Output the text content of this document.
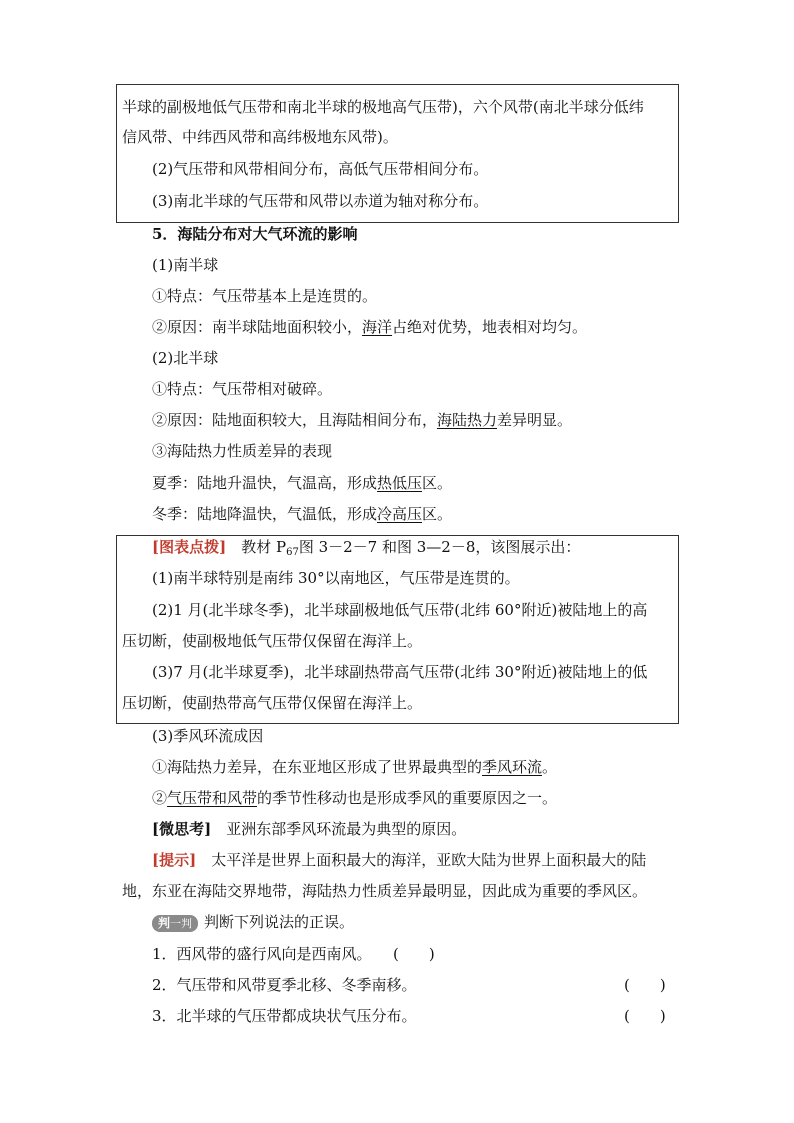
半球的副极地低气压带和南北半球的极地高气压带)，六个风带(南北半球分低纬
信风带、中纬西风带和高纬极地东风带)。
(2)气压带和风带相间分布，高低气压带相间分布。
(3)南北半球的气压带和风带以赤道为轴对称分布。
5．海陆分布对大气环流的影响
(1)南半球
①特点：气压带基本上是连贯的。
②原因：南半球陆地面积较小，海洋占绝对优势，地表相对均匀。
(2)北半球
①特点：气压带相对破碎。
②原因：陆地面积较大，且海陆相间分布，海陆热力差异明显。
③海陆热力性质差异的表现
夏季：陆地升温快，气温高，形成热低压区。
冬季：陆地降温快，气温低，形成冷高压区。
[图表点拨]　教材 $P_{67}$图 3－2－7 和图 3—2－8，该图展示出：
(1)南半球特别是南纬 30°以南地区，气压带是连贯的。
(2)1 月(北半球冬季)，北半球副极地低气压带(北纬 60°附近)被陆地上的高
压切断，使副极地低气压带仅保留在海洋上。
(3)7 月(北半球夏季)，北半球副热带高气压带(北纬 30°附近)被陆地上的低
压切断，使副热带高气压带仅保留在海洋上。
(3)季风环流成因
①海陆热力差异，在东亚地区形成了世界最典型的季风环流。
②气压带和风带的季节性移动也是形成季风的重要原因之一。
[微思考]　亚洲东部季风环流最为典型的原因。
[提示]　太平洋是世界上面积最大的海洋，亚欧大陆为世界上面积最大的陆
地，东亚在海陆交界地带，海陆热力性质差异最明显，因此成为重要的季风区。
判一判 判断下列说法的正误。
1．西风带的盛行风向是西南风。 (　　)
2．气压带和风带夏季北移、冬季南移。	(　　)
3．北半球的气压带都成块状气压分布。	(　　)
